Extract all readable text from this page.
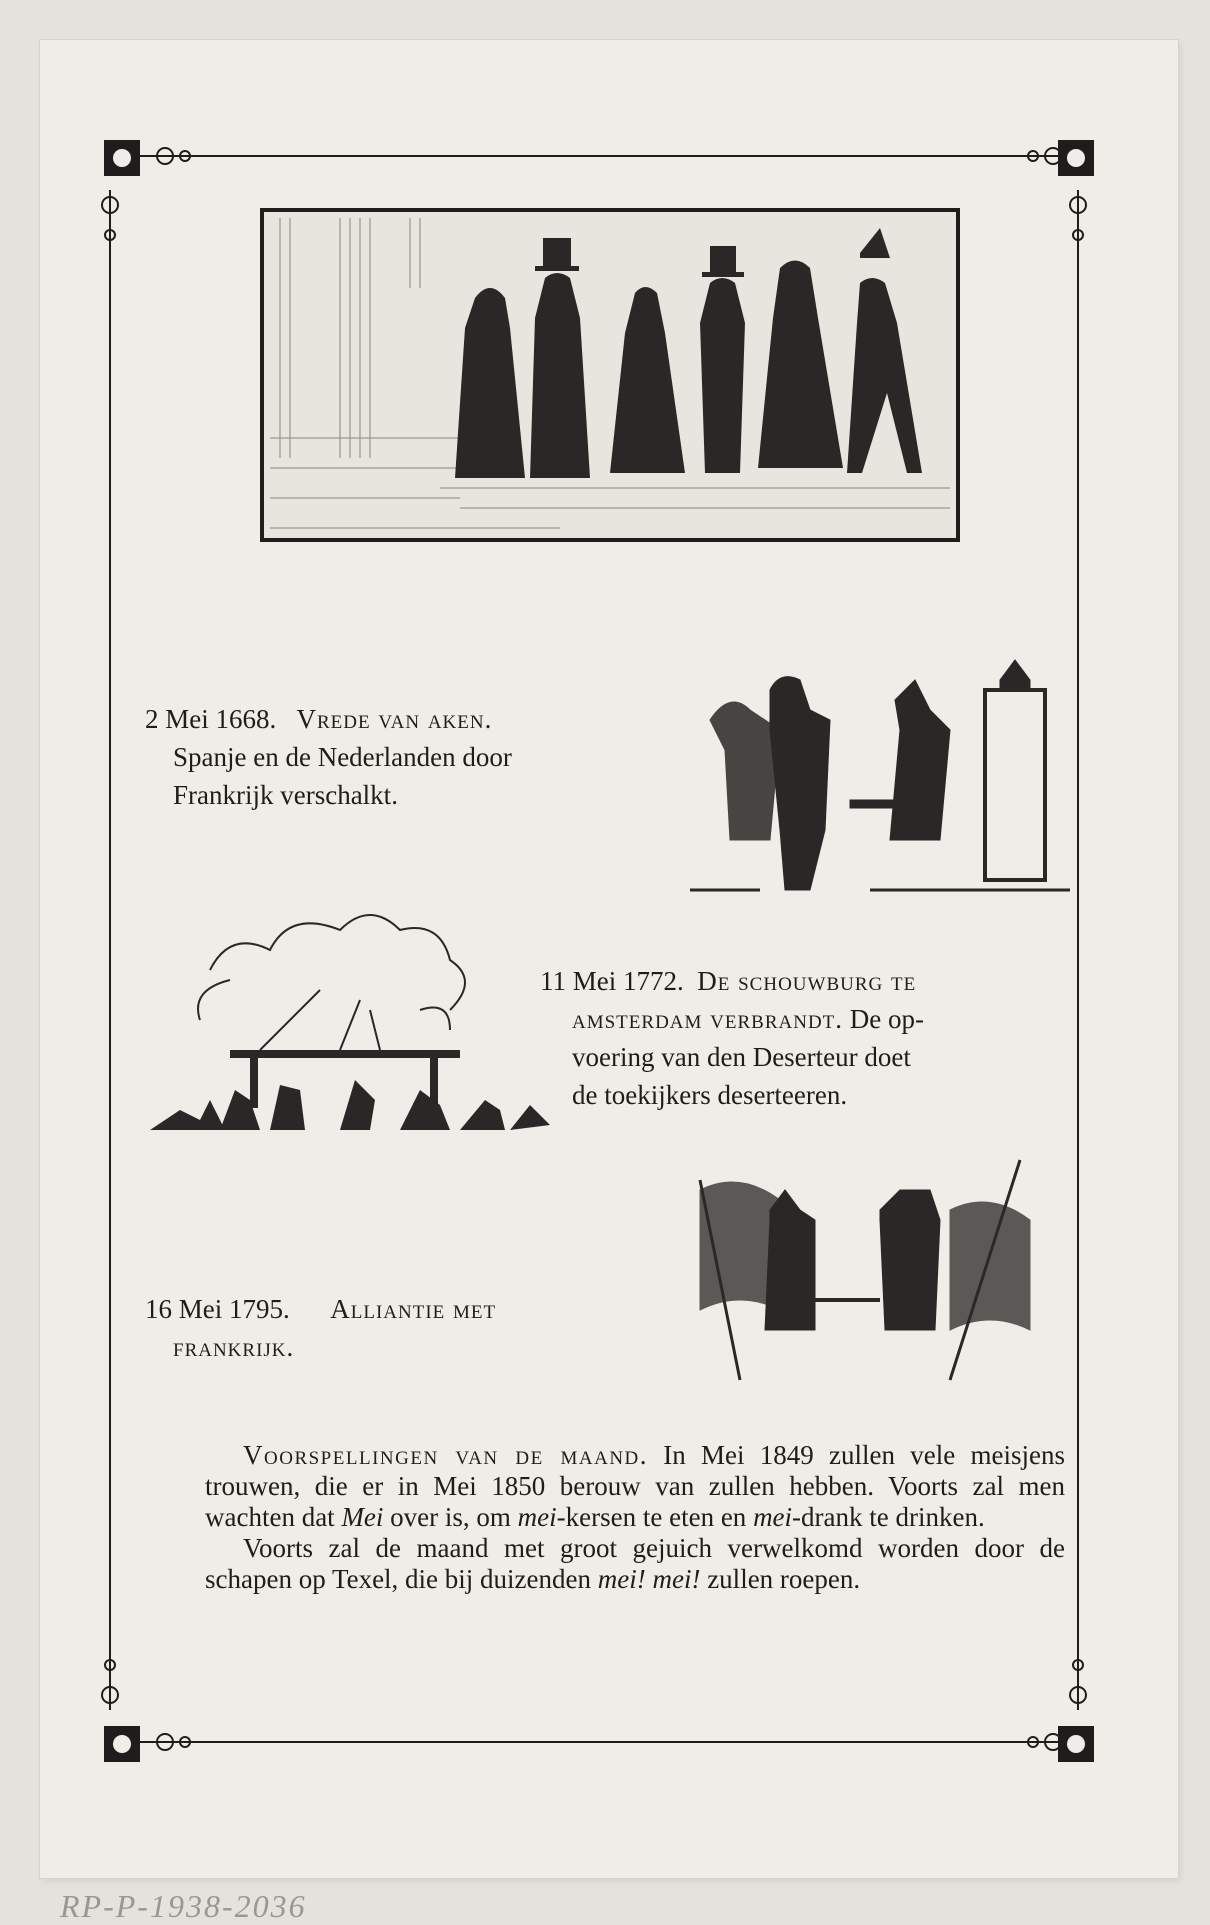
2 Mei 1668. Vrede van aken.
Spanje en de Nederlanden door
Frankrijk verschalkt.
11 Mei 1772. De schouwburg te
amsterdam verbrandt. De op-
voering van den Deserteur doet
de toekijkers deserteeren.
16 Mei 1795. Alliantie met
frankrijk.

Voorspellingen van de maand. In Mei 1849 zullen vele meisjens trouwen, die er in Mei 1850 berouw van zullen hebben. Voorts zal men wachten dat Mei over is, om mei-kersen te eten en mei-drank te drinken.

Voorts zal de maand met groot gejuich verwelkomd worden door de schapen op Texel, die bij duizenden mei! mei! zullen roepen.

RP-P-1938-2036
